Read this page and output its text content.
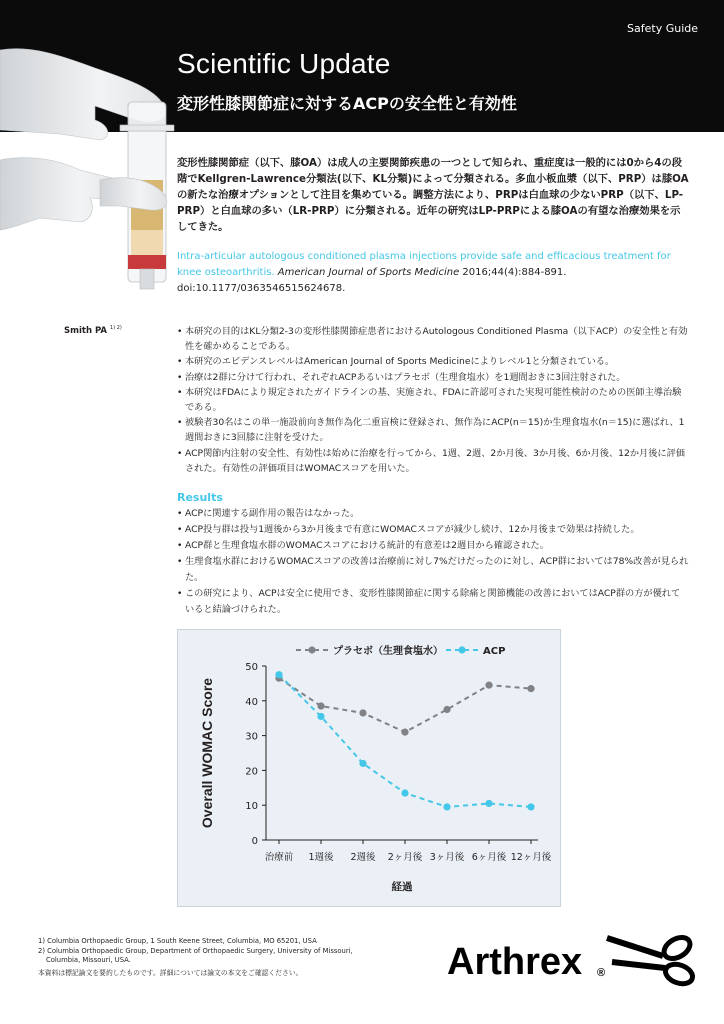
Safety Guide
Scientific Update
変形性膝関節症に対するACPの安全性と有効性
変形性膝関節症（以下、膝OA）は成人の主要関節疾患の一つとして知られ、重症度は一般的には0から4の段階でKellgren-Lawrence分類法(以下、KL分類)によって分類される。多血小板血漿（以下、PRP）は膝OAの新たな治療オプションとして注目を集めている。調整方法により、PRPは白血球の少ないPRP（以下、LP-PRP）と白血球の多い（LR-PRP）に分類される。近年の研究はLP-PRPによる膝OAの有望な治療効果を示してきた。
Intra-articular autologous conditioned plasma injections provide safe and efficacious treatment for knee osteoarthritis. American Journal of Sports Medicine 2016;44(4):884-891.
doi:10.1177/0363546515624678.
Smith PA $^{1) 2)}$
•	本研究の目的はKL分類2-3の変形性膝関節症患者におけるAutologous Conditioned Plasma（以下ACP）の安全性と有効性を確かめることである。
• 本研究のエビデンスレベルはAmerican Journal of Sports Medicineによりレベル1と分類されている。
• 治療は2群に分けて行われ、それぞれACPあるいはプラセボ（生理食塩水）を1週間おきに3回注射された。
• 本研究はFDAにより規定されたガイドラインの基、実施され、FDAに許認可された実現可能性検討のための医師主導治験である。
• 被験者30名はこの単一施設前向き無作為化二重盲検に登録され、無作為にACP(n＝15)か生理食塩水(n＝15)に選ばれ、1週間おきに3回膝に注射を受けた。
• ACP関節内注射の安全性、有効性は始めに治療を行ってから、1週、2週、2か月後、3か月後、6か月後、12か月後に評価された。有効性の評価項目はWOMACスコアを用いた。
Results
• ACPに関連する副作用の報告はなかった。
• ACP投与群は投与1週後から3か月後まで有意にWOMACスコアが減少し続け、12か月後まで効果は持続した。
• ACP群と生理食塩水群のWOMACスコアにおける統計的有意差は2週目から確認された。
• 生理食塩水群におけるWOMACスコアの改善は治療前に対し7%だけだったのに対し、ACP群においては78%改善が見られた。
• この研究により、ACPは安全に使用でき、変形性膝関節症に関する除痛と関節機能の改善においてはACP群の方が優れていると結論づけられた。
0
10
20
30
40
50
治療前 1週後 2週後 2ヶ月後 3ヶ月後 6ヶ月後 12ヶ月後
経過
Overall WOMAC Score
プラセボ（生理食塩水）	ACP
1) Columbia Orthopaedic Group, 1 South Keene Street, Columbia, MO 65201, USA
2) Columbia Orthopaedic Group, Department of Orthopaedic Surgery, University of Missouri,
Columbia, Missouri, USA.
本資料は標記論文を要約したものです。詳細については論文の本文をご確認ください。	Arthrex ®
